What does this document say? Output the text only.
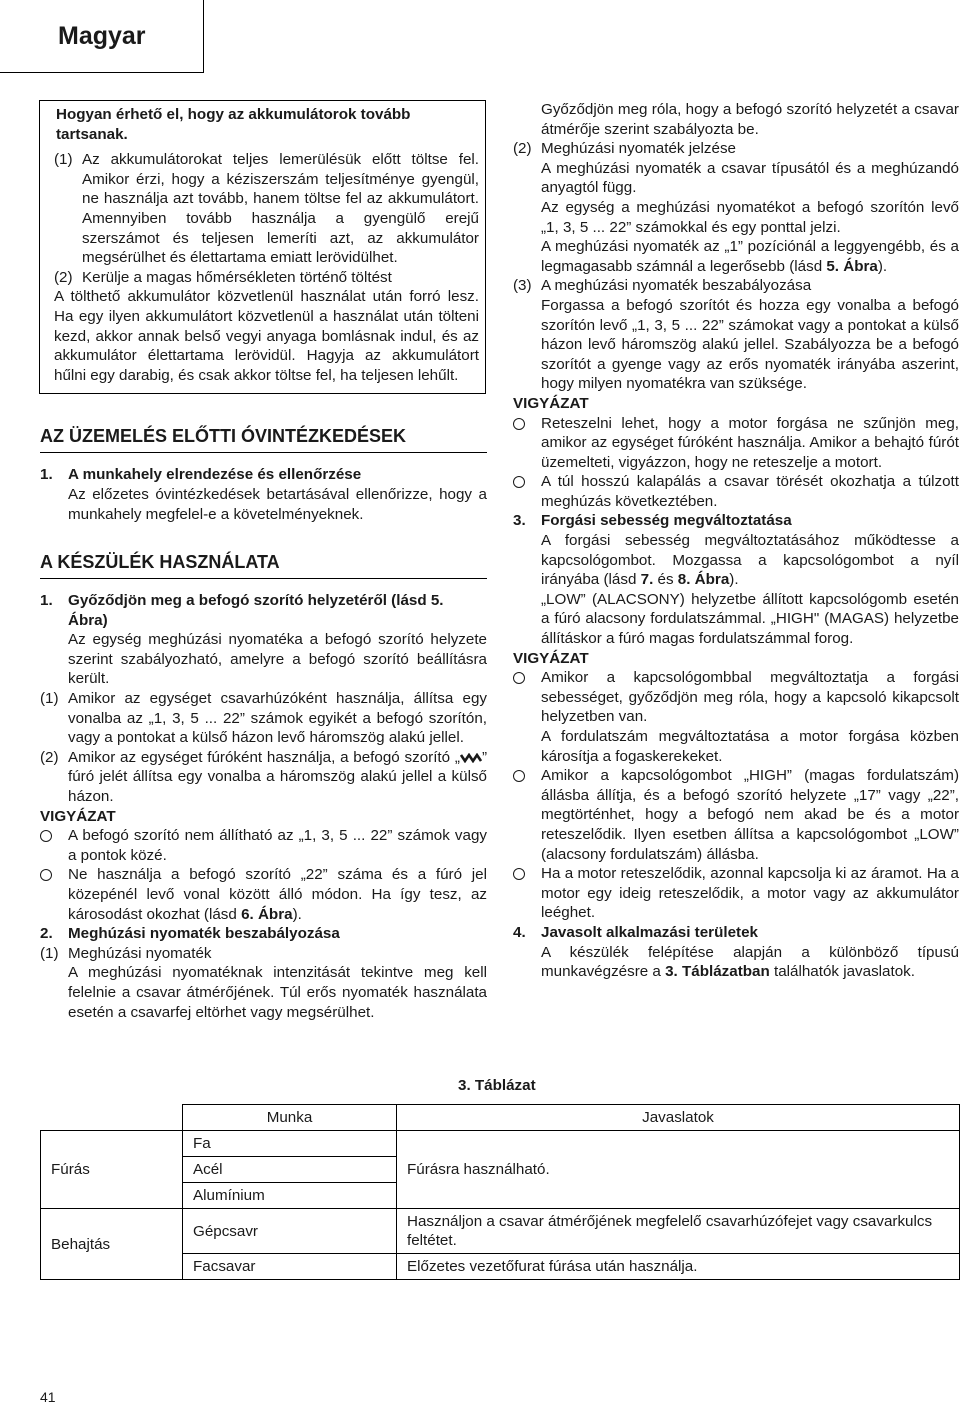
Magyar

Hogyan érhető el, hogy az akkumulátorok tovább tartsanak.

(1) Az akkumulátorokat teljes lemerülésük előtt töltse fel. Amikor érzi, hogy a kéziszerszám teljesítménye gyengül, ne használja azt tovább, hanem töltse fel az akkumulátort. Amennyiben tovább használja a gyengülő erejű szerszámot és teljesen lemeríti azt, az akkumulátor megsérülhet és élettartama emiatt lerövidülhet.
(2) Kerülje a magas hőmérsékleten történő töltést

A tölthető akkumulátor közvetlenül használat után forró lesz. Ha egy ilyen akkumulátort közvetlenül a használat után tölteni kezd, akkor annak belső vegyi anyaga bomlásnak indul, és az akkumulátor élettartama lerövidül. Hagyja az akkumulátort hűlni egy darabig, és csak akkor töltse fel, ha teljesen lehűlt.

AZ ÜZEMELÉS ELŐTTI ÓVINTÉZKEDÉSEK
1.	A munkahely elrendezése és ellenőrzése

Az előzetes óvintézkedések betartásával ellenőrizze, hogy a munkahely megfelel-e a követelményeknek.

A KÉSZÜLÉK HASZNÁLATA
1.	Győződjön meg a befogó szorító helyzetéről (lásd 5. Ábra)

Az egység meghúzási nyomatéka a befogó szorító helyzete szerint szabályozható, amelyre a befogó szorító beállításra került.

(1) Amikor az egységet csavarhúzóként használja, állítsa egy vonalba az „1, 3, 5 ... 22” számok egyikét a befogó szorítón, vagy a pontokat a külső házon levő háromszög alakú jellel.
(2) Amikor az egységet fúróként használja, a befogó szorító „ ” fúró jelét állítsa egy vonalba a háromszög alakú jellel a külső házon.

VIGYÁZAT

A befogó szorító nem állítható az „1, 3, 5 ... 22” számok vagy a pontok közé.
Ne használja a befogó szorító „22” száma és a fúró jel közepénél levő vonal között álló módon. Ha így tesz, az károsodást okozhat (lásd 6. Ábra).
2.	Meghúzási nyomaték beszabályozása
(1) Meghúzási nyomaték

A meghúzási nyomatéknak intenzitását tekintve meg kell felelnie a csavar átmérőjének. Túl erős nyomaték használata esetén a csavarfej eltörhet vagy megsérülhet.

Győződjön meg róla, hogy a befogó szorító helyzetét a csavar átmérője szerint szabályozta be.

(2) Meghúzási nyomaték jelzése

A meghúzási nyomaték a csavar típusától és a meghúzandó anyagtól függ.

Az egység a meghúzási nyomatékot a befogó szorítón levő „1, 3, 5 ... 22” számokkal és egy ponttal jelzi.

A meghúzási nyomaték az „1” pozíciónál a leggyengébb, és a legmagasabb számnál a legerősebb (lásd 5. Ábra).

(3) A meghúzási nyomaték beszabályozása

Forgassa a befogó szorítót és hozza egy vonalba a befogó szorítón levő „1, 3, 5 ... 22” számokat vagy a pontokat a külső házon levő háromszög alakú jellel. Szabályozza be a befogó szorítót a gyenge vagy az erős nyomaték irányába aszerint, hogy milyen nyomatékra van szüksége.

VIGYÁZAT

Reteszelni lehet, hogy a motor forgása ne szűnjön meg, amikor az egységet fúróként használja. Amikor a behajtó fúrót üzemelteti, vigyázzon, hogy ne reteszelje a motort.
A túl hosszú kalapálás a csavar törését okozhatja a túlzott meghúzás következtében.
3.	Forgási sebesség megváltoztatása

A forgási sebesség megváltoztatásához működtesse a kapcsológombot. Mozgassa a kapcsológombot a nyíl irányába (lásd 7. és 8. Ábra).

„LOW” (ALACSONY) helyzetbe állított kapcsológomb esetén a fúró alacsony fordulatszámmal. „HIGH" (MAGAS) helyzetbe állításkor a fúró magas fordulatszámmal forog.

VIGYÁZAT

Amikor a kapcsológombbal megváltoztatja a forgási sebességet, győződjön meg róla, hogy a kapcsoló kikapcsolt helyzetben van.

A fordulatszám megváltoztatása a motor forgása közben károsítja a fogaskerekeket.

Amikor a kapcsológombot „HIGH” (magas fordulatszám) állásba állítja, és a befogó szorító helyzete „17” vagy „22”, megtörténhet, hogy a befogó nem akad be és a motor reteszelődik. Ilyen esetben állítsa a kapcsológombot „LOW” (alacsony fordulatszám) állásba.
Ha a motor reteszelődik, azonnal kapcsolja ki az áramot. Ha a motor egy ideig reteszelődik, a motor vagy az akkumulátor leéghet.
4.	Javasolt alkalmazási területek

A készülék felépítése alapján a különböző típusú munkavégzésre a 3. Táblázatban találhatók javaslatok.

3. Táblázat
	Munka	Javaslatok
Fúrás	Fa	Fúrásra használható.
	Acél	
	Alumínium	
Behajtás	Gépcsavr	Használjon a csavar átmérőjének megfelelő csavarhúzófejet vagy csavarkulcs feltétet.
	Facsavar	Előzetes vezetőfurat fúrása után használja.
41
